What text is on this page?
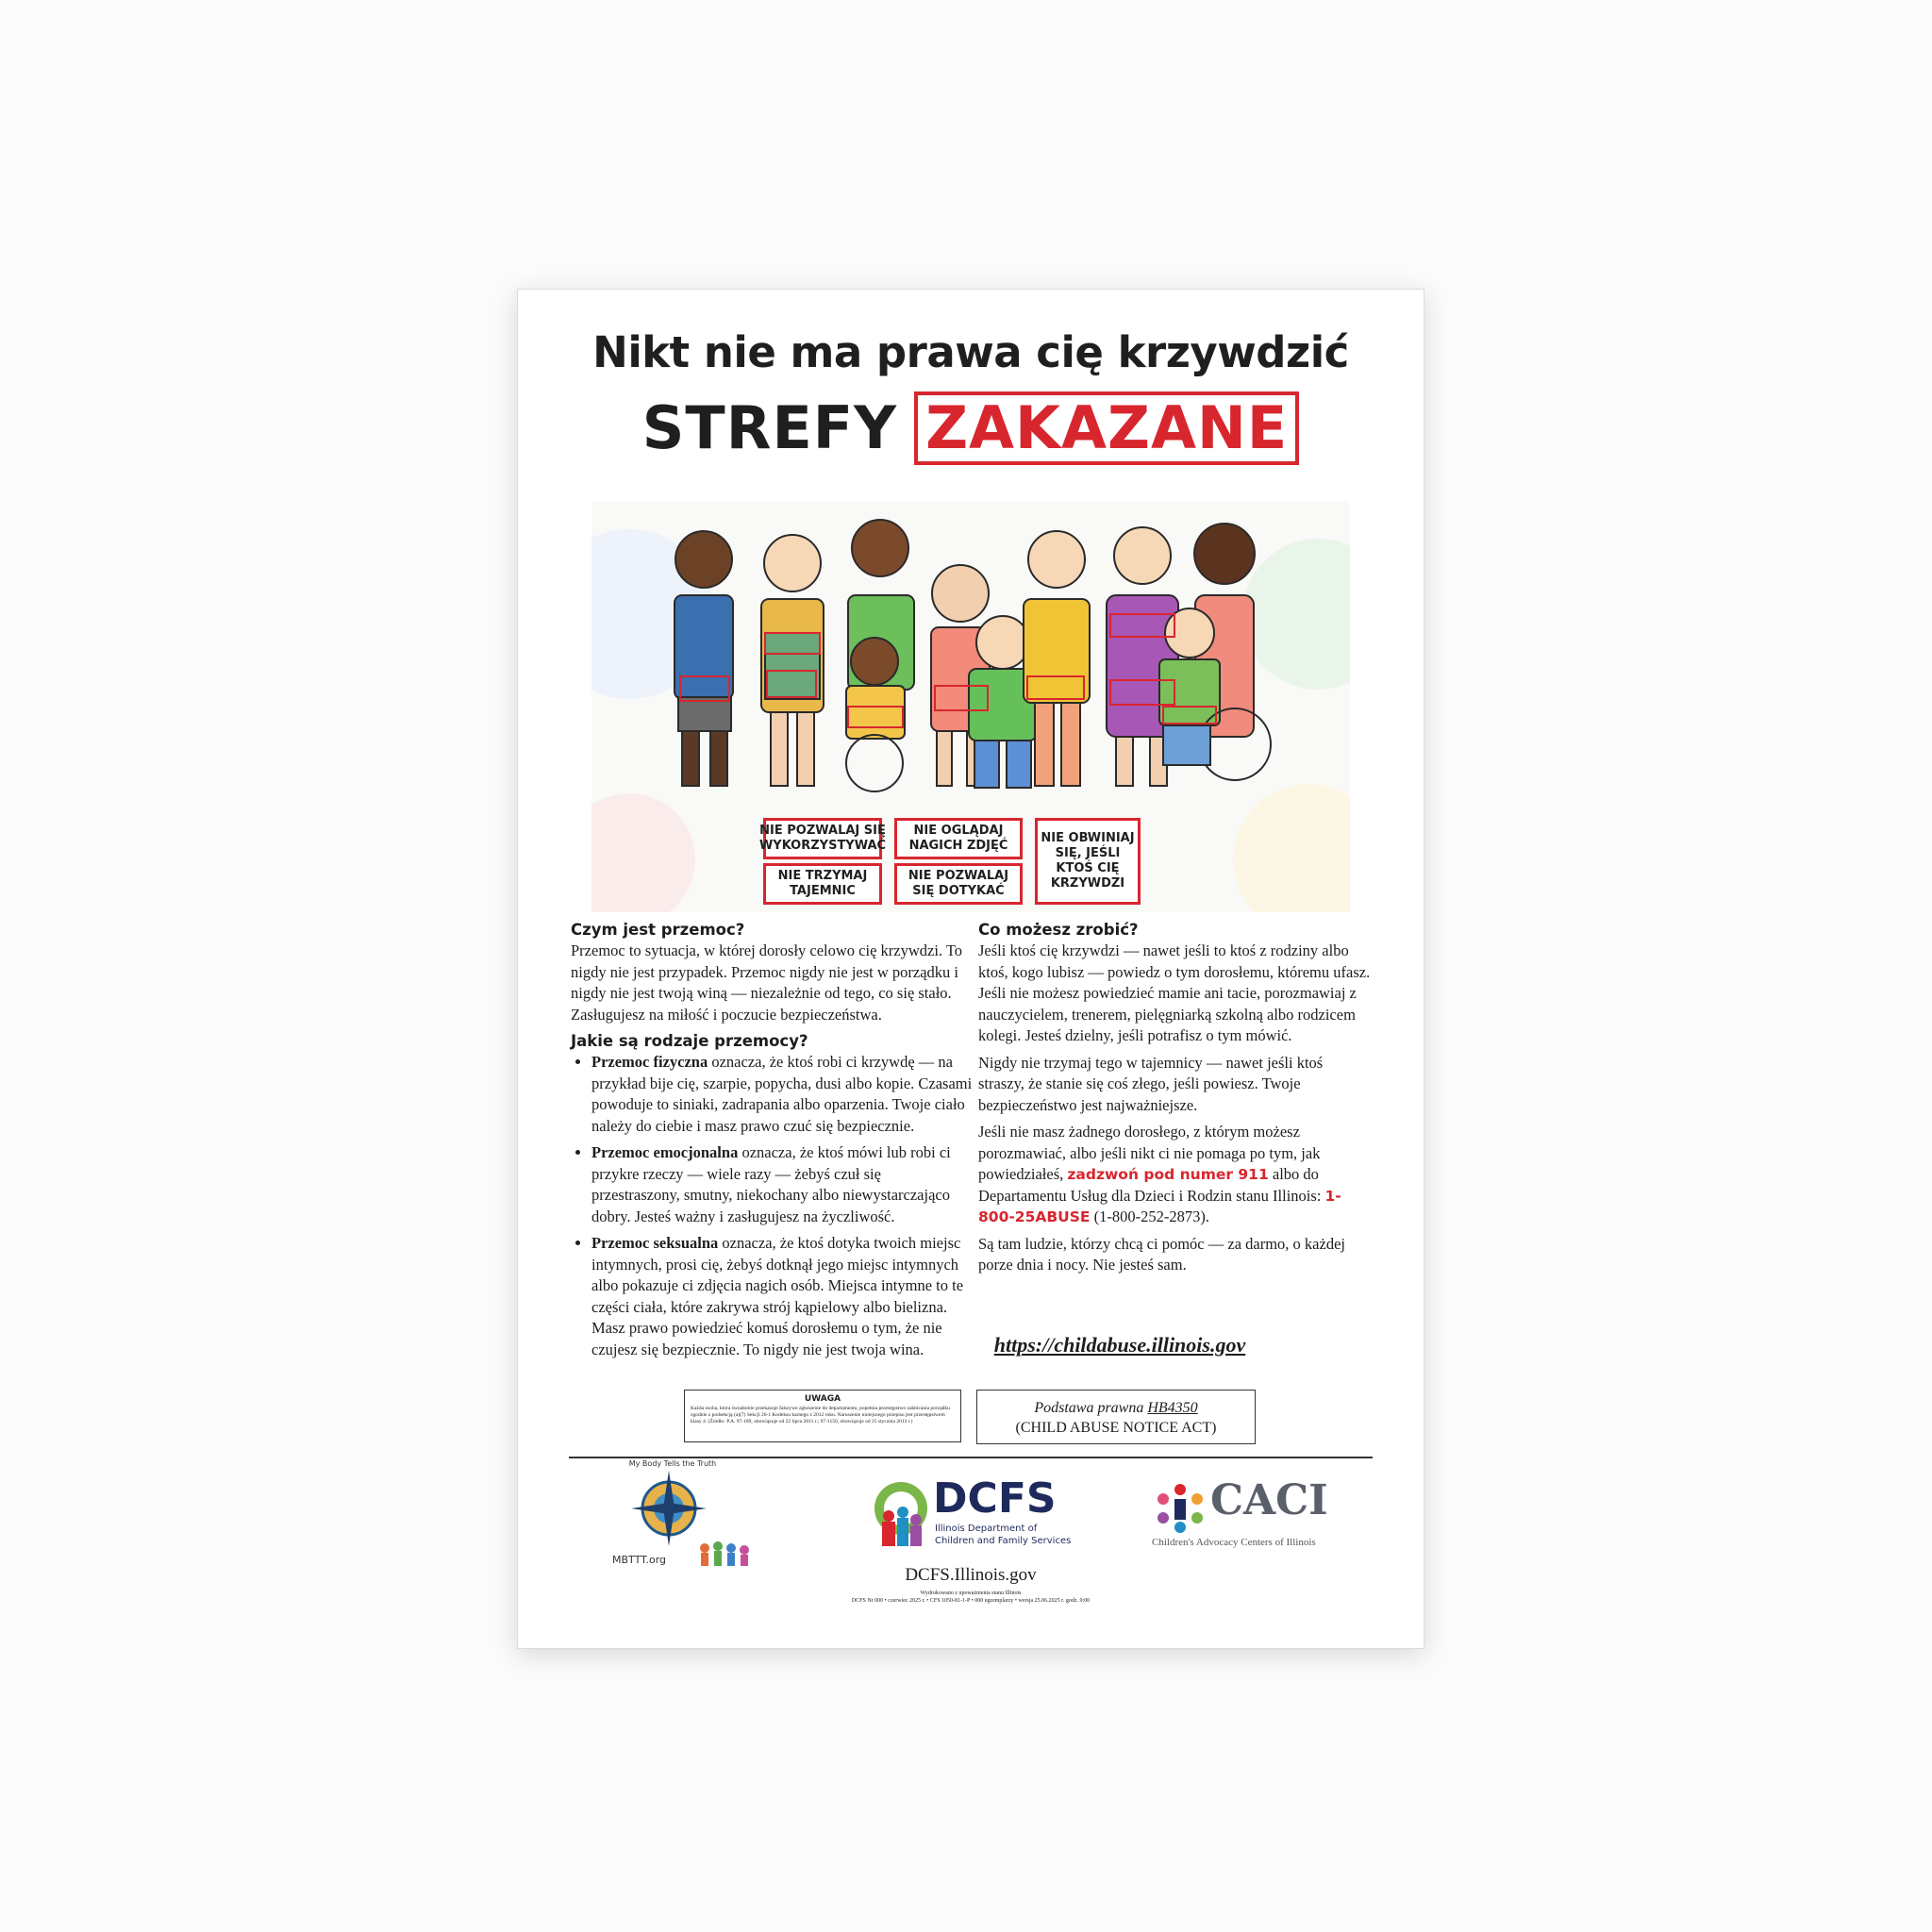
Nikt nie ma prawa cię krzywdzić
STREFY ZAKAZANE
NIE POZWALAJ SIĘ WYKORZYSTYWAĆ
NIE OGLĄDAJ NAGICH ZDJĘĆ
NIE OBWINIAJ SIĘ, JEŚLI KTOŚ CIĘ KRZYWDZI
NIE TRZYMAJ TAJEMNIC
NIE POZWALAJ SIĘ DOTYKAĆ
Czym jest przemoc?

Przemoc to sytuacja, w której dorosły celowo cię krzywdzi. To nigdy nie jest przypadek. Przemoc nigdy nie jest w porządku i nigdy nie jest twoją winą — niezależnie od tego, co się stało. Zasługujesz na miłość i poczucie bezpieczeństwa.

Jakie są rodzaje przemocy?
• Przemoc fizyczna oznacza, że ktoś robi ci krzywdę — na przykład bije cię, szarpie, popycha, dusi albo kopie. Czasami powoduje to siniaki, zadrapania albo oparzenia. Twoje ciało należy do ciebie i masz prawo czuć się bezpiecznie.
• Przemoc emocjonalna oznacza, że ktoś mówi lub robi ci przykre rzeczy — wiele razy — żebyś czuł się przestraszony, smutny, niekochany albo niewystarczająco dobry. Jesteś ważny i zasługujesz na życzliwość.
• Przemoc seksualna oznacza, że ktoś dotyka twoich miejsc intymnych, prosi cię, żebyś dotknął jego miejsc intymnych albo pokazuje ci zdjęcia nagich osób. Miejsca intymne to te części ciała, które zakrywa strój kąpielowy albo bielizna. Masz prawo powiedzieć komuś dorosłemu o tym, że nie czujesz się bezpiecznie. To nigdy nie jest twoja wina.
Co możesz zrobić?

Jeśli ktoś cię krzywdzi — nawet jeśli to ktoś z rodziny albo ktoś, kogo lubisz — powiedz o tym dorosłemu, któremu ufasz. Jeśli nie możesz powiedzieć mamie ani tacie, porozmawiaj z nauczycielem, trenerem, pielęgniarką szkolną albo rodzicem kolegi. Jesteś dzielny, jeśli potrafisz o tym mówić.

Nigdy nie trzymaj tego w tajemnicy — nawet jeśli ktoś straszy, że stanie się coś złego, jeśli powiesz. Twoje bezpieczeństwo jest najważniejsze.

Jeśli nie masz żadnego dorosłego, z którym możesz porozmawiać, albo jeśli nikt ci nie pomaga po tym, jak powiedziałeś, zadzwoń pod numer 911 albo do Departamentu Usług dla Dzieci i Rodzin stanu Illinois: 1-800-25ABUSE (1-800-252-2873).

Są tam ludzie, którzy chcą ci pomóc — za darmo, o każdej porze dnia i nocy. Nie jesteś sam.

https://childabuse.illinois.gov
UWAGA
Każda osoba, która świadomie przekazuje fałszywe zgłoszenie do departamentu, popełnia przestępstwo zakłócania porządku zgodnie z podsekcją (a)(7) Sekcji 26-1 Kodeksu karnego z 2012 roku. Naruszenie niniejszego przepisu jest przestępstwem klasy 4. (Źródło: P.A. 97-189, obowiązuje od 22 lipca 2011 r.; 97-1150, obowiązuje od 25 stycznia 2013 r.)
Podstawa prawna HB4350
(CHILD ABUSE NOTICE ACT)
My Body Tells the Truth
MBTTT.org
DCFS
Illinois Department of
Children and Family Services
CACI
Children's Advocacy Centers of Illinois
DCFS.Illinois.gov
Wydrukowano z upoważnienia stanu Illinois
DCFS Nr 000 • czerwiec 2025 r. • CFS 1050-81-1-P • 000 egzemplarzy • wersja 25.06.2025 r. godz. 9:00
